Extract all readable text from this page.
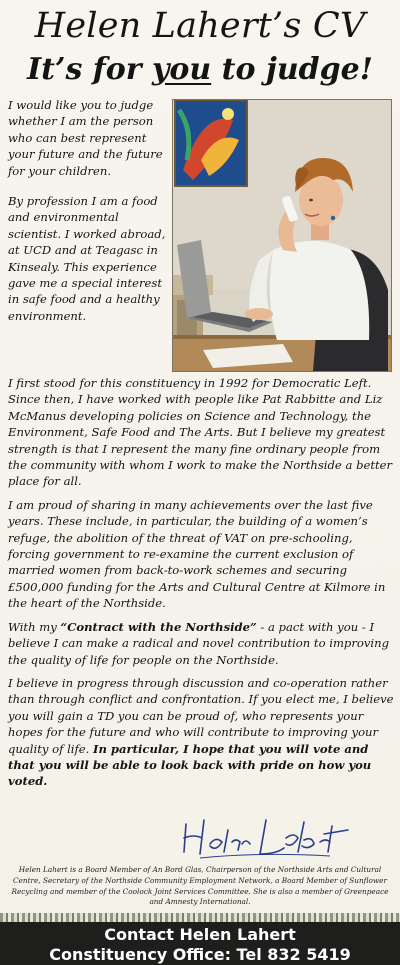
Helen Lahert’s CV
It’s for you to judge!

I would like you to judge whether I am the person who can best represent your future and the future for your children.

By profession I am a food and environmental scientist. I worked abroad, at UCD and at Teagasc in Kinsealy. This experience gave me a special interest in safe food and a healthy environment.

I first stood for this constituency in 1992 for Democratic Left. Since then, I have worked with people like Pat Rabbitte and Liz McManus developing policies on Science and Technology, the Environment, Safe Food and The Arts. But I believe my greatest strength is that I represent the many fine ordinary people from the community with whom I work to make the Northside a better place for all.

I am proud of sharing in many achievements over the last five years. These include, in particular, the building of a women’s refuge, the abolition of the threat of VAT on pre-schooling, forcing government to re-examine the current exclusion of married women from back-to-work schemes and securing £500,000 funding for the Arts and Cultural Centre at Kilmore in the heart of the Northside.

With my “Contract with the Northside” - a pact with you - I believe I can make a radical and novel contribution to improving the quality of life for people on the Northside.

I believe in progress through discussion and co-operation rather than through conflict and confrontation. If you elect me, I believe you will gain a TD you can be proud of, who represents your hopes for the future and who will contribute to improving your quality of life. In particular, I hope that you will vote and that you will be able to look back with pride on how you voted.

Helen Lahert is a Board Member of An Bord Glas, Chairperson of the Northside Arts and Cultural Centre, Secretary of the Northside Community Employment Network, a Board Member of Sunflower Recycling and member of the Coolock Joint Services Committee. She is also a member of Greenpeace and Amnesty International.

Contact Helen Lahert
Constituency Office: Tel 832 5419
